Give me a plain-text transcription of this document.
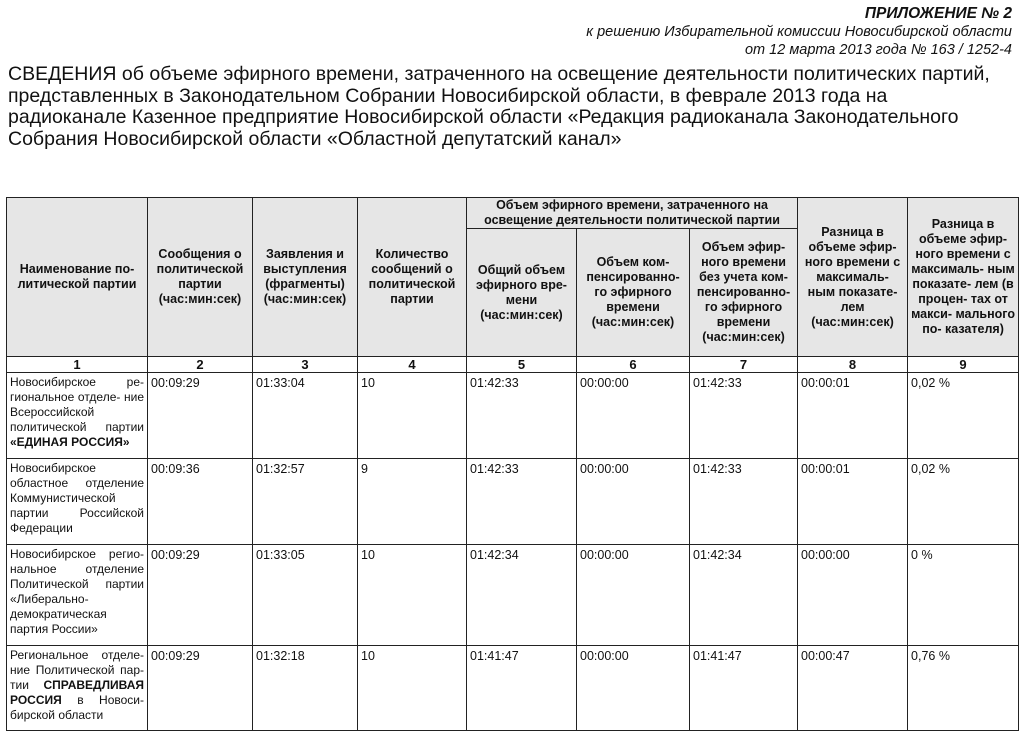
ПРИЛОЖЕНИЕ № 2
к решению Избирательной комиссии Новосибирской области
от 12 марта 2013 года № 163 / 1252-4
СВЕДЕНИЯ об объеме эфирного времени, затраченного на освещение деятельности политических партий, представленных в Законодательном Собрании Новосибирской области, в феврале 2013 года на радиоканале Казенное предприятие Новосибирской области «Редакция радиоканала Законодательного Собрания Новосибирской области «Областной депутатский канал»
Наименование по- литической партии	Сообщения о политической партии (час:мин:сек)	Заявления и выступления (фрагменты) (час:мин:сек)	Количество сообщений о политической партии	Объем эфирного времени, затраченного на освещение деятельности политической партии			Разница в объеме эфир- ного времени с максималь- ным показате- лем (час:мин:сек)	Разница в объеме эфир- ного времени с максималь- ным показате- лем (в процен- тах от макси- мального по- казателя)
				Общий объем эфирного вре- мени (час:мин:сек)	Объем ком- пенсированно- го эфирного времени (час:мин:сек)	Объем эфир- ного времени без учета ком- пенсированно- го эфирного времени (час:мин:сек)		
1	2	3	4	5	6	7	8	9
Новосибирское ре- гиональное отделе- ние Всероссийской политической партии «ЕДИНАЯ РОССИЯ»	00:09:29	01:33:04	10	01:42:33	00:00:00	01:42:33	00:00:01	0,02 %
Новосибирское областное отделение Коммунистической партии Российской Федерации	00:09:36	01:32:57	9	01:42:33	00:00:00	01:42:33	00:00:01	0,02 %
Новосибирское регио- нальное отделение Политической партии «Либерально- демократическая партия России»	00:09:29	01:33:05	10	01:42:34	00:00:00	01:42:34	00:00:00	0 %
Региональное отделе- ние Политической пар- тии СПРАВЕДЛИВАЯ РОССИЯ в Новоси- бирской области	00:09:29	01:32:18	10	01:41:47	00:00:00	01:41:47	00:00:47	0,76 %
